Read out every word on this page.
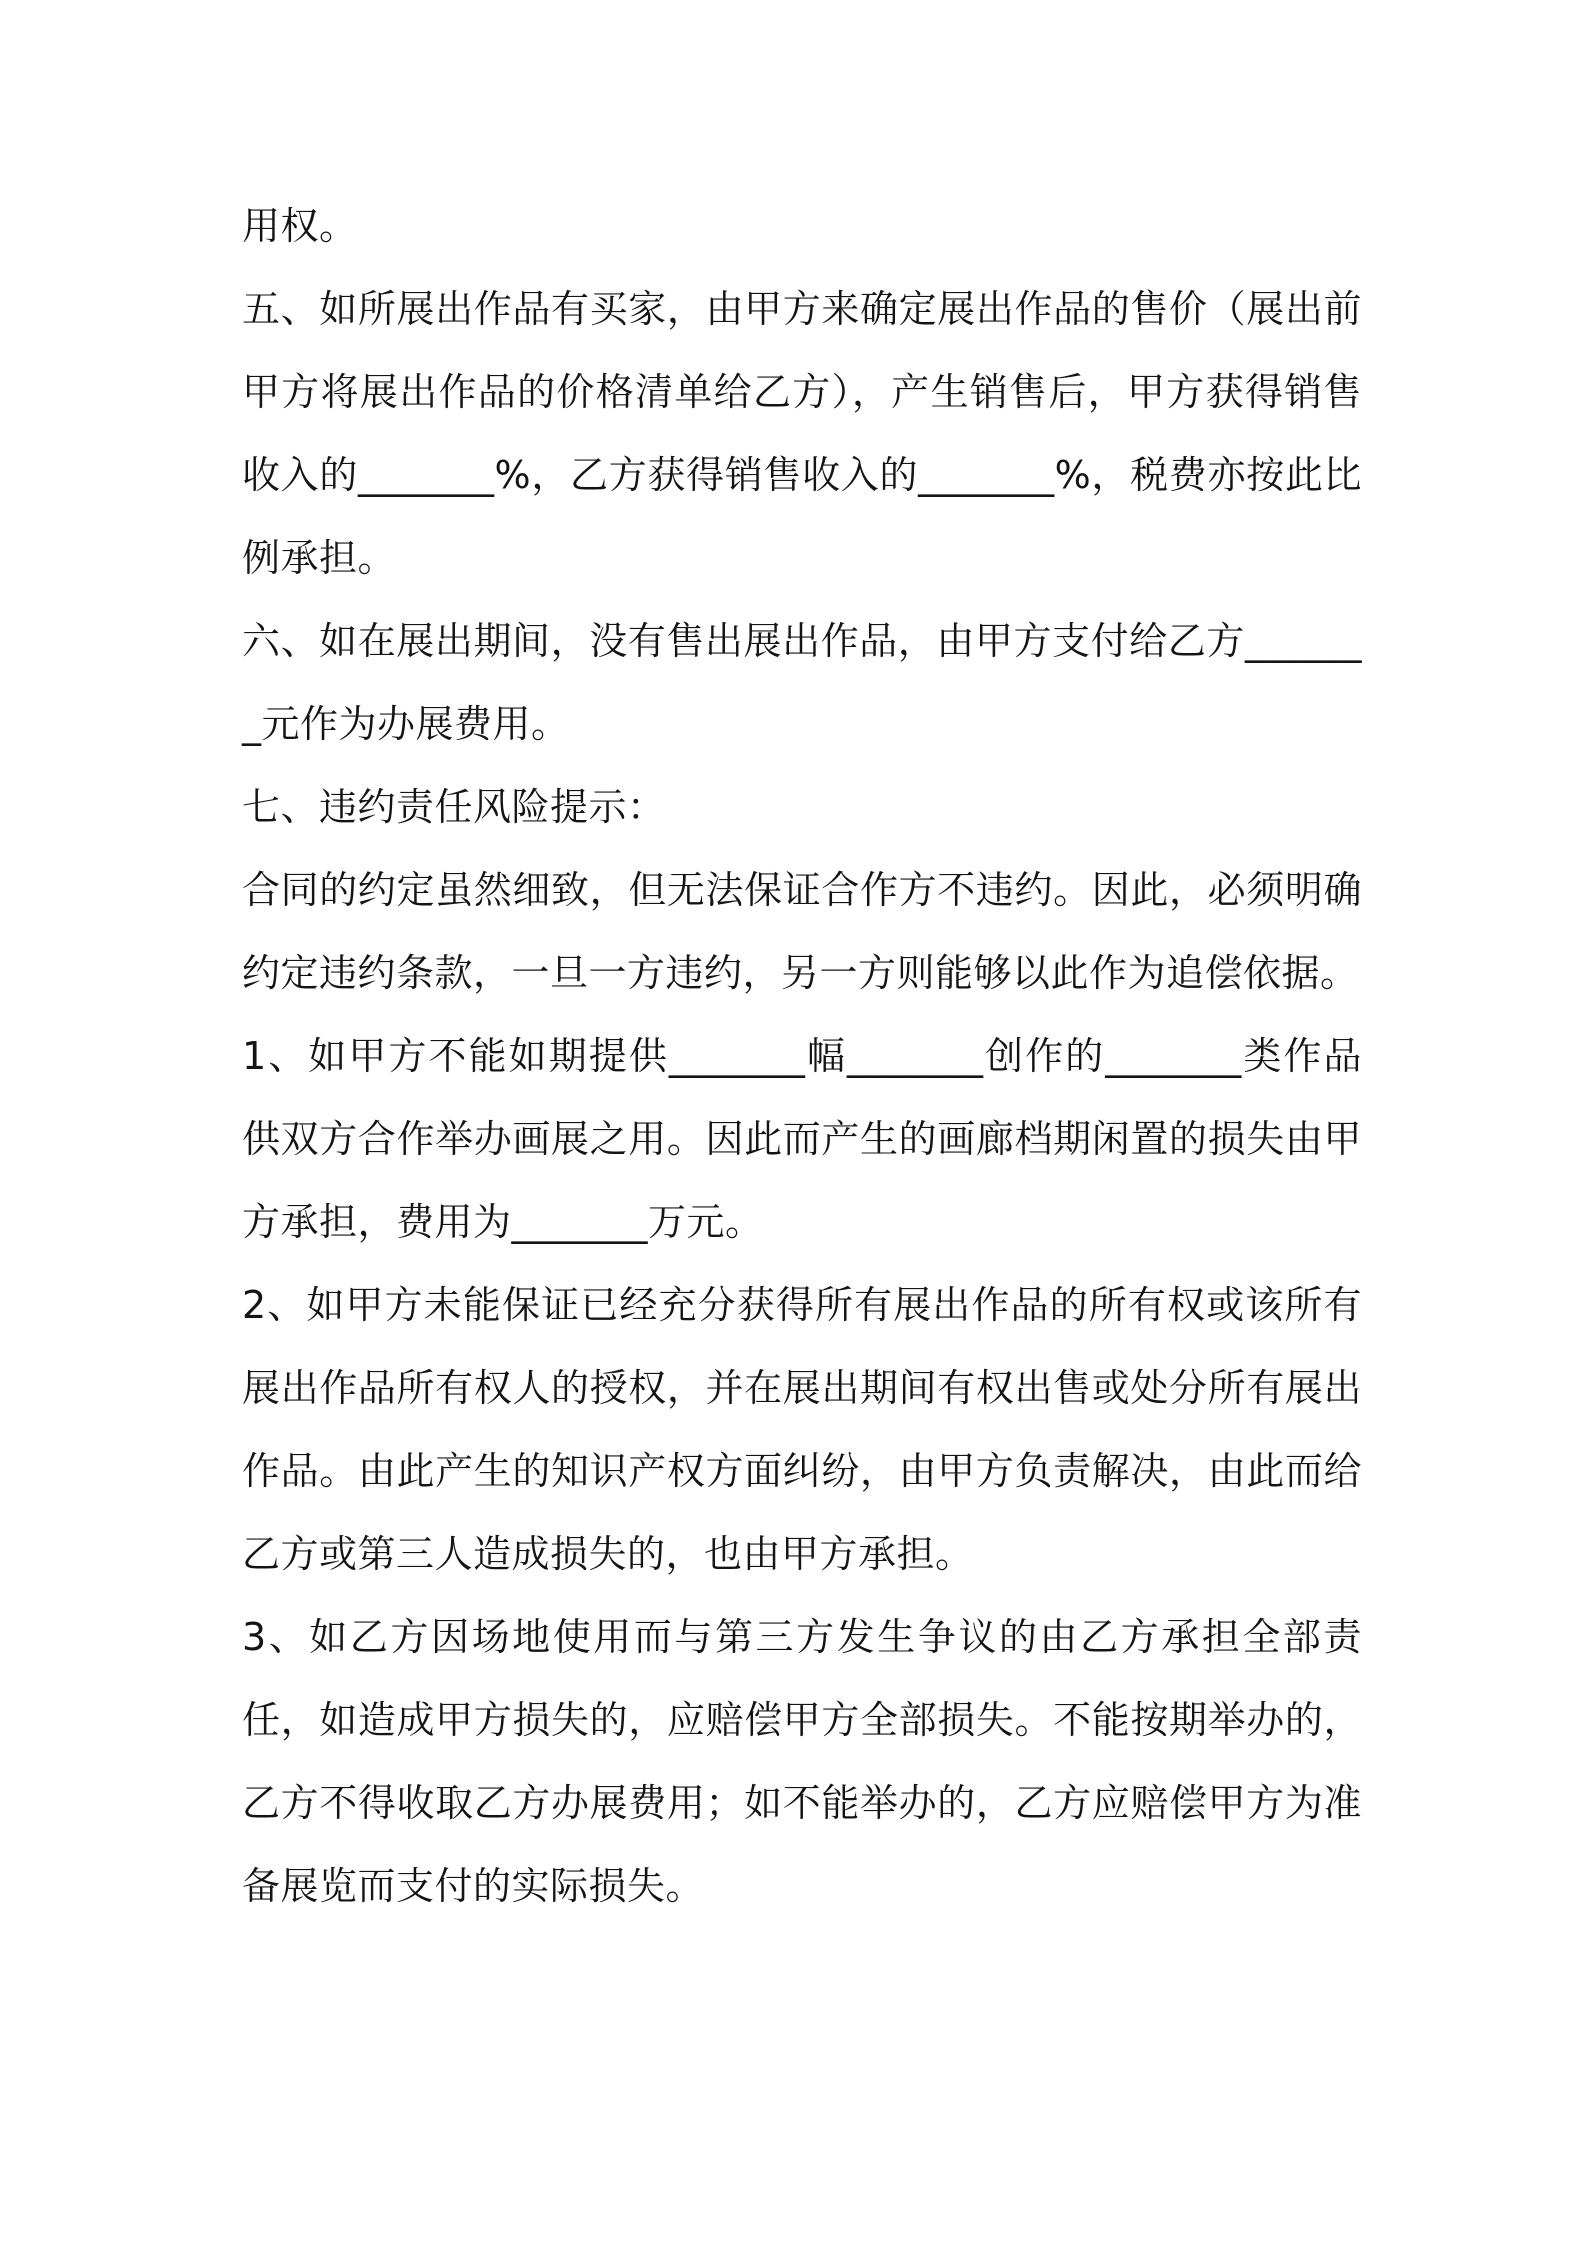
用权。

五、如所展出作品有买家，由甲方来确定展出作品的售价（展出前甲方将展出作品的价格清单给乙方），产生销售后，甲方获得销售收入的_______%，乙方获得销售收入的_______%，税费亦按此比例承担。

六、如在展出期间，没有售出展出作品，由甲方支付给乙方_______元作为办展费用。

七、违约责任风险提示：

合同的约定虽然细致，但无法保证合作方不违约。因此，必须明确约定违约条款，一旦一方违约，另一方则能够以此作为追偿依据。

1、如甲方不能如期提供_______幅_______创作的_______类作品供双方合作举办画展之用。因此而产生的画廊档期闲置的损失由甲方承担，费用为_______万元。

2、如甲方未能保证已经充分获得所有展出作品的所有权或该所有展出作品所有权人的授权，并在展出期间有权出售或处分所有展出作品。由此产生的知识产权方面纠纷，由甲方负责解决，由此而给乙方或第三人造成损失的，也由甲方承担。

3、如乙方因场地使用而与第三方发生争议的由乙方承担全部责任，如造成甲方损失的，应赔偿甲方全部损失。不能按期举办的，乙方不得收取乙方办展费用；如不能举办的，乙方应赔偿甲方为准备展览而支付的实际损失。
